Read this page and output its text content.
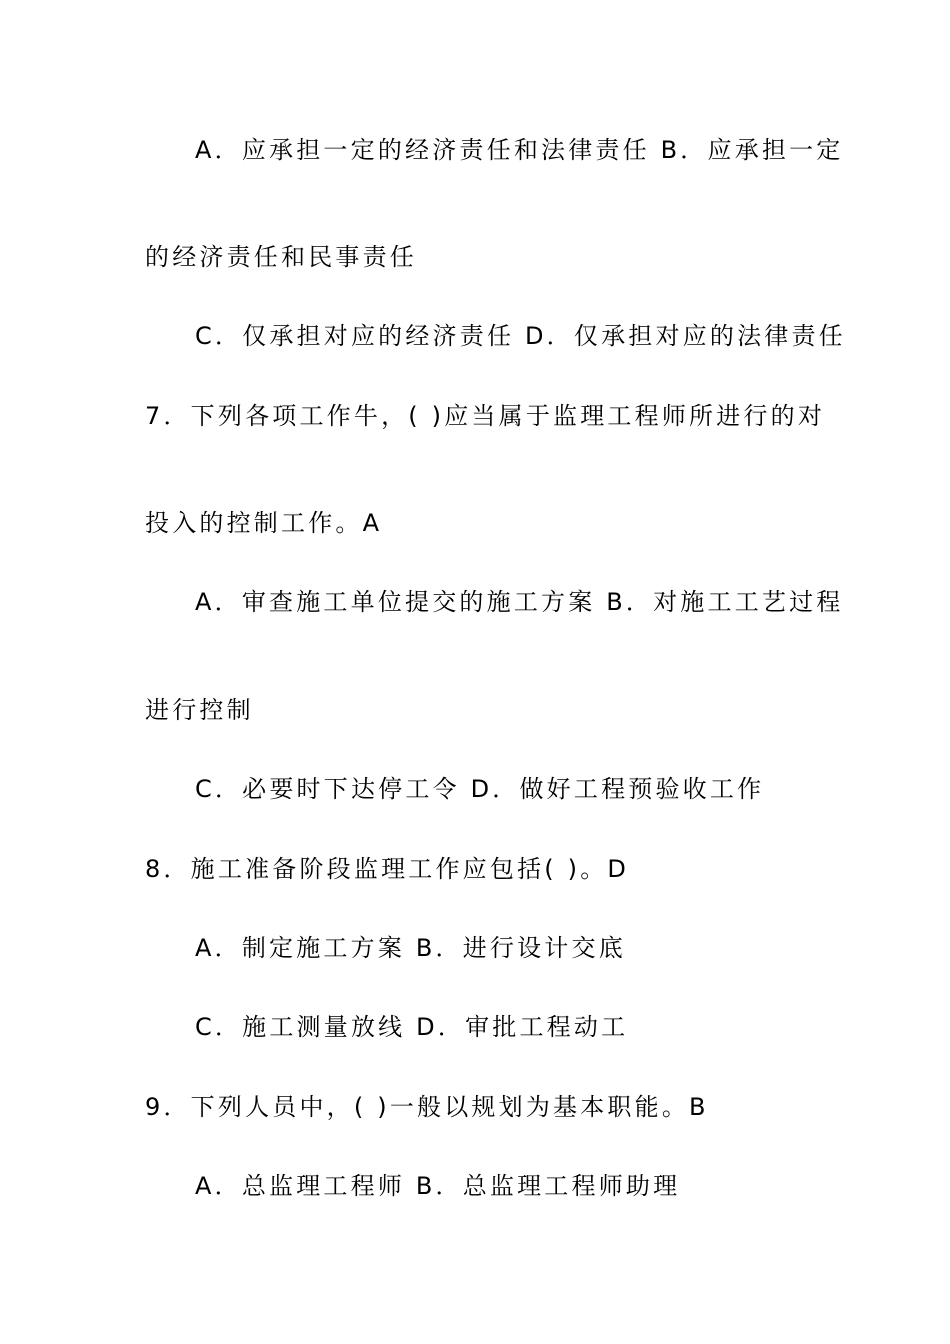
A．应承担一定的经济责任和法律责任 B．应承担一定
的经济责任和民事责任
C．仅承担对应的经济责任 D．仅承担对应的法律责任
7．下列各项工作牛，( )应当属于监理工程师所进行的对
投入的控制工作。A
A．审查施工单位提交的施工方案 B．对施工工艺过程
进行控制
C．必要时下达停工令 D．做好工程预验收工作
8．施工准备阶段监理工作应包括( )。D
A．制定施工方案 B．进行设计交底
C．施工测量放线 D．审批工程动工
9．下列人员中，( )一般以规划为基本职能。B
A．总监理工程师 B．总监理工程师助理
